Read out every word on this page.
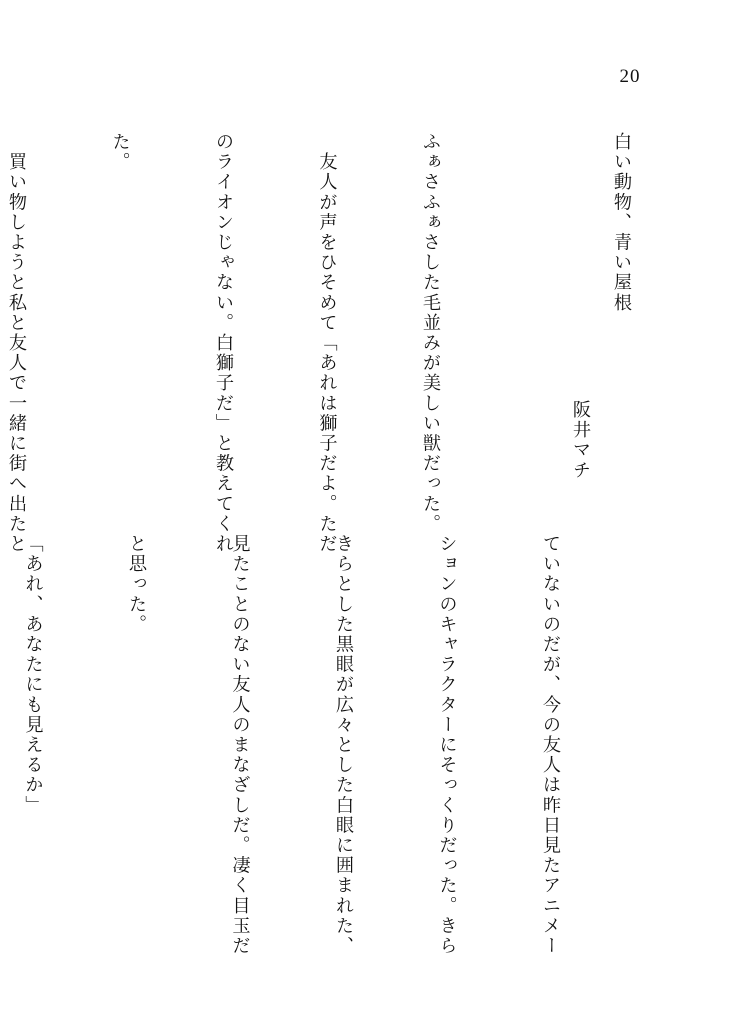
20
白い動物、青い屋根
阪井マチ

ふぁさふぁさした毛並みが美しい獣だった。

　友人が声をひそめて「あれは獅子だよ。ただ

のライオンじゃない。白獅子だ」と教えてくれ

た。

　買い物しようと私と友人で一緒に街へ出たと

ていないのだが、今の友人は昨日見たアニメー

ションのキャラクターにそっくりだった。きら

きらとした黒眼が広々とした白眼に囲まれた、

見たことのない友人のまなざしだ。凄く目玉だ

と思った。

「あれ、あなたにも見えるか」
